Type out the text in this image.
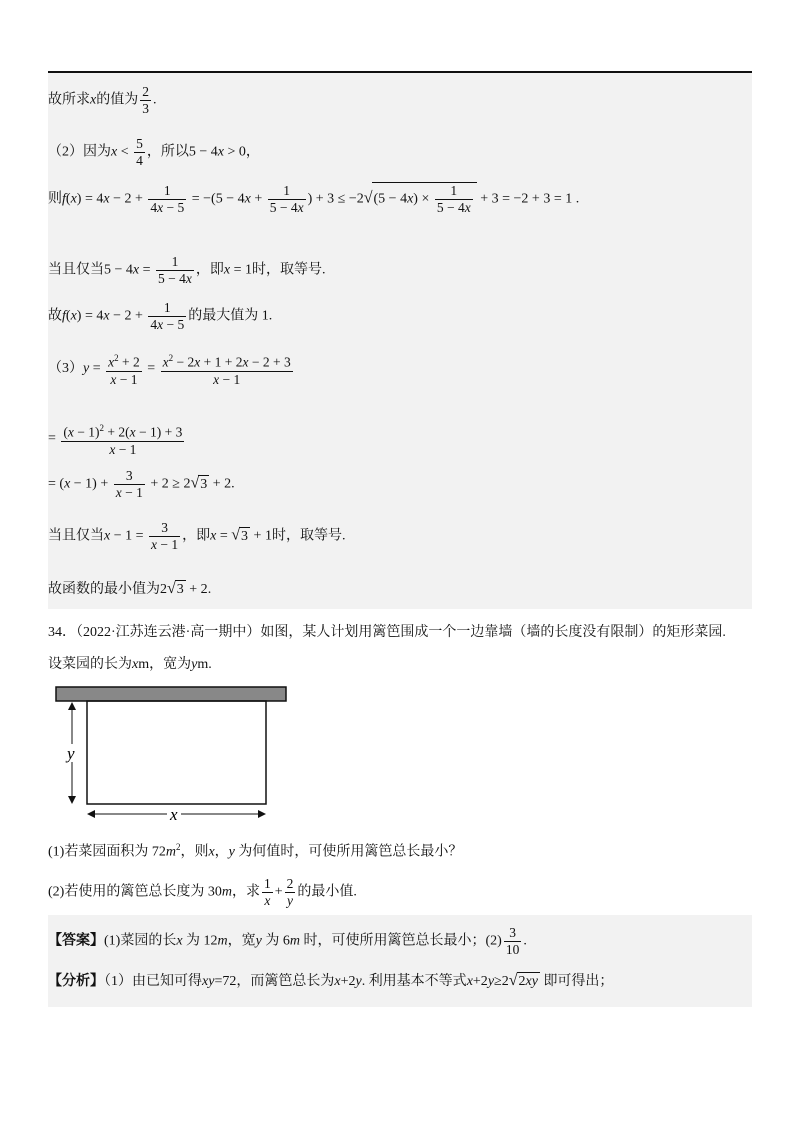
故所求x的值为 $\frac{2}{3}$ .
（2）因为$x < \frac{5}{4}$ ，所以5 − 4x > 0，
则$f(x) = 4x - 2 + \frac{1}{4x - 5} = -(5 - 4x + \frac{1}{5 - 4x}$ ) + $3 \le -2√(5 - 4x) \times \frac{1}{5 - 4x} + 3 = -2 + 3 = 1$ .
当且仅当$5 - 4x = \frac{1}{5 - 4x}$ ，即x = 1时，取等号.
故$f(x) = 4x - 2 + \frac{1}{4x - 5}$ 的最大值为 1.
$(3)y = \frac{x^2 + 2}{x - 1} = \frac{x^2 - 2x + 1 + 2x - 2 + 3}{x - 1}$
= $\frac{(x - 1)^2 + 2(x - 1) + 3}{x - 1}$
= $(x - 1) + \frac{3}{x - 1} + 2 \ge 2√3 + 2$.
当且仅当$x - 1 = \frac{3}{x - 1}$ ，即x = √3 + 1时，取等号.
故函数的最小值为2√3 + 2.
34．（2022·江苏连云港·高一期中）如图，某人计划用篱笆围成一个一边靠墙（墙的长度没有限制）的矩形菜园.
设菜园的长为xm，宽为ym.
y
x
(1)若菜园面积为 $72m^2$，则x，y 为何值时，可使所用篱笆总长最小？
(2)若使用的篱笆总长度为 30m，求 $\frac{1}{x} + \frac{2}{y}$ 的最小值.
【答案】(1)菜园的长x 为 12m，宽y 为 6m 时，可使所用篱笆总长最小；$(2) \frac{3}{10}$ .
【分析】（1）由已知可得xy=72，而篱笆总长为x+2y. 利用基本不等式x+2y≥2√2xy 即可得出；
